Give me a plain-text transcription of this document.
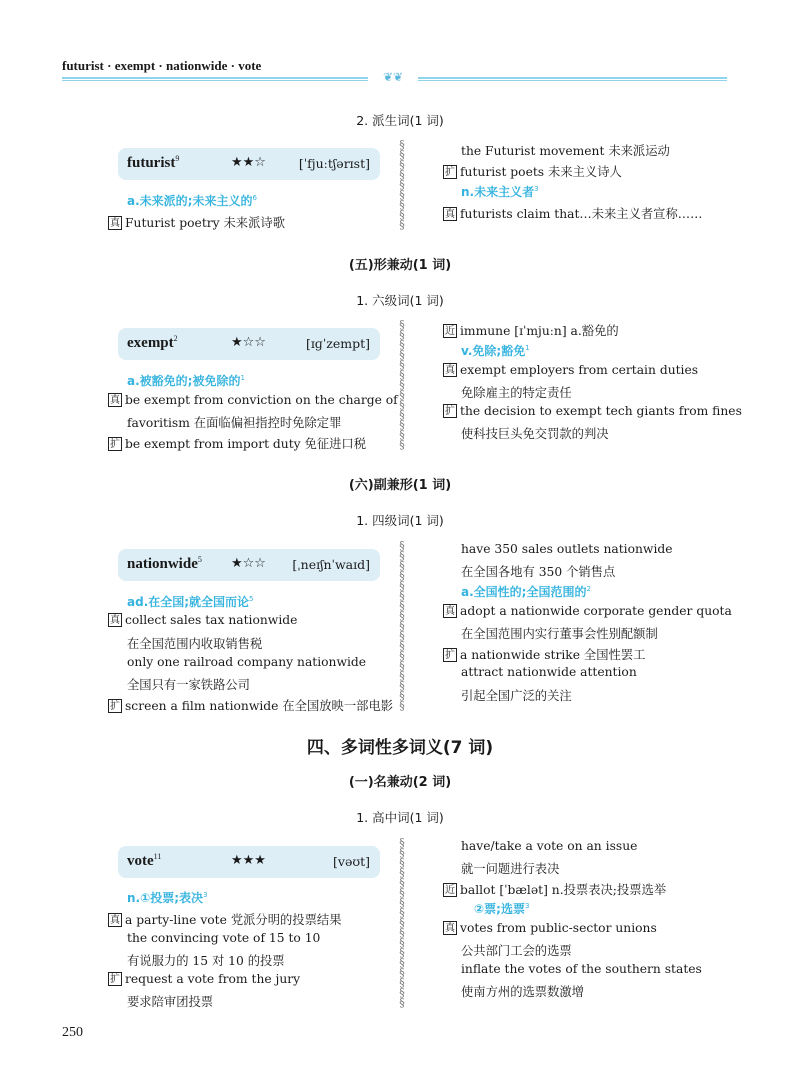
futurist · exempt · nationwide · vote
❦❦
2. 派生词(1 词)
futurist$^9$	★★☆	[ˈfjuːtʃərɪst]
a.未来派的;未来主义的$^6$
真 Futurist poetry 未来派诗歌
§
§
§
§
§
§
§
§
§
the Futurist movement 未来派运动
扩 futurist poets 未来主义诗人
n.未来主义者$^3$
真 futurists claim that…未来主义者宣称……
(五)形兼动(1 词)
1. 六级词(1 词)
exempt$^2$	★☆☆	[ɪɡˈzempt]
a.被豁免的;被免除的$^1$
真 be exempt from conviction on the charge of
favoritism 在面临偏袒指控时免除定罪
扩 be exempt from import duty 免征进口税
§
§
§
§
§
§
§
§
§
§
§
§
§
近 immune [ɪˈmjuːn] a.豁免的
v.免除;豁免$^1$
真 exempt employers from certain duties
免除雇主的特定责任
扩 the decision to exempt tech giants from fines
使科技巨头免交罚款的判决
(六)副兼形(1 词)
1. 四级词(1 词)
nationwide$^5$ ★☆☆ [ˌneɪʃnˈwaɪd]
ad.在全国;就全国而论$^5$
真 collect sales tax nationwide
在全国范围内收取销售税
only one railroad company nationwide
全国只有一家铁路公司
扩 screen a film nationwide 在全国放映一部电影
§
§
§
§
§
§
§
§
§
§
§
§
§
§
§
§
§
have 350 sales outlets nationwide
在全国各地有 350 个销售点
a.全国性的;全国范围的$^2$
真 adopt a nationwide corporate gender quota
在全国范围内实行董事会性别配额制
扩 a nationwide strike 全国性罢工
attract nationwide attention
引起全国广泛的关注
四、多词性多词义(7 词)
(一)名兼动(2 词)
1. 高中词(1 词)
vote$^{11}$	★★★	[vəʊt]
n.①投票;表决$^3$
真 a party-line vote 党派分明的投票结果
the convincing vote of 15 to 10
有说服力的 15 对 10 的投票
扩 request a vote from the jury
要求陪审团投票
§
§
§
§
§
§
§
§
§
§
§
§
§
§
§
§
§
have/take a vote on an issue
就一问题进行表决
近 ballot [ˈbælət] n.投票表决;投票选举
②票;选票$^3$
真 votes from public-sector unions
公共部门工会的选票
inflate the votes of the southern states
使南方州的选票数激增
250
